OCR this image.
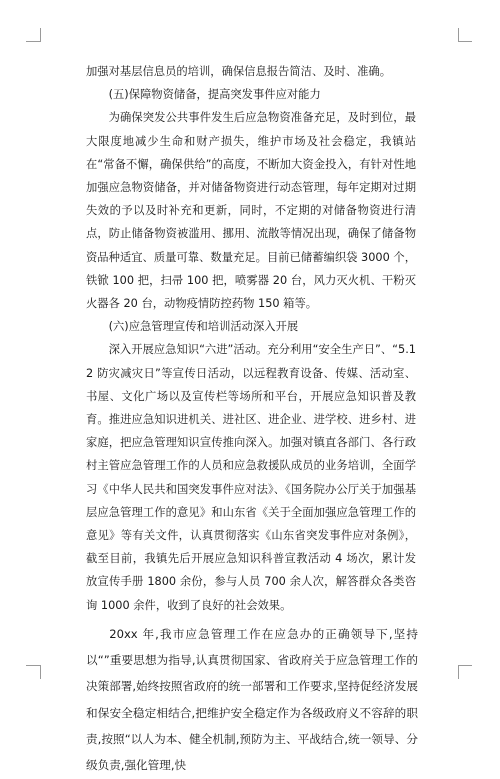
加强对基层信息员的培训，确保信息报告简洁、及时、准确。

(五)保障物资储备，提高突发事件应对能力

为确保突发公共事件发生后应急物资准备充足，及时到位，最大限度地减少生命和财产损失，维护市场及社会稳定，我镇站在“常备不懈，确保供给”的高度，不断加大资金投入，有针对性地加强应急物资储备，并对储备物资进行动态管理，每年定期对过期失效的予以及时补充和更新，同时，不定期的对储备物资进行清点，防止储备物资被滥用、挪用、流散等情况出现，确保了储备物资品种适宜、质量可靠、数量充足。目前已储蓄编织袋 3000 个，铁锨 100 把，扫帚 100 把，喷雾器 20 台，风力灭火机、干粉灭火器各 20 台，动物疫情防控药物 150 箱等。

(六)应急管理宣传和培训活动深入开展

深入开展应急知识“六进”活动。充分利用“安全生产日”、“5.12 防灾减灾日”等宣传日活动，以远程教育设备、传媒、活动室、书屋、文化广场以及宣传栏等场所和平台，开展应急知识普及教育。推进应急知识进机关、进社区、进企业、进学校、进乡村、进家庭，把应急管理知识宣传推向深入。加强对镇直各部门、各行政村主管应急管理工作的人员和应急救援队成员的业务培训，全面学习《中华人民共和国突发事件应对法》、《国务院办公厅关于加强基层应急管理工作的意见》和山东省《关于全面加强应急管理工作的意见》等有关文件，认真贯彻落实《山东省突发事件应对条例》，截至目前，我镇先后开展应急知识科普宣教活动 4 场次，累计发放宣传手册 1800 余份，参与人员 700 余人次，解答群众各类咨询 1000 余件，收到了良好的社会效果。

20xx 年,我市应急管理工作在应急办的正确领导下,坚持以“”重要思想为指导,认真贯彻国家、省政府关于应急管理工作的决策部署,始终按照省政府的统一部署和工作要求,坚持促经济发展和保安全稳定相结合,把维护安全稳定作为各级政府义不容辞的职责,按照“以人为本、健全机制,预防为主、平战结合,统一领导、分级负责,强化管理,快
